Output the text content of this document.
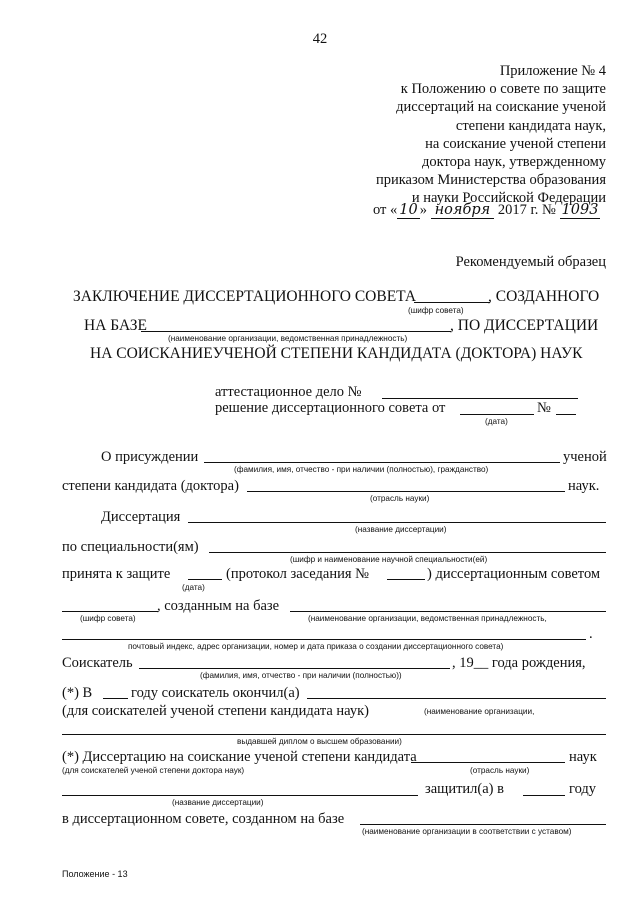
42
Приложение № 4
к Положению о совете по защите
диссертаций на соискание ученой
степени кандидата наук,
на соискание ученой степени
доктора наук, утвержденному
приказом Министерства образования
и науки Российской Федерации
от « 10 » ноября 2017 г. № 1093
Рекомендуемый образец
ЗАКЛЮЧЕНИЕ ДИССЕРТАЦИОННОГО СОВЕТА	, СОЗДАННОГО
(шифр совета)
НА БАЗЕ	, ПО ДИССЕРТАЦИИ
(наименование организации, ведомственная принадлежность)
НА СОИСКАНИЕУЧЕНОЙ СТЕПЕНИ КАНДИДАТА (ДОКТОРА) НАУК
аттестационное дело №
решение диссертационного совета от	№
(дата)
О присуждении	ученой
(фамилия, имя, отчество - при наличии (полностью), гражданство)
степени кандидата (доктора)	наук.
(отрасль науки)
Диссертация
(название диссертации)
по специальности(ям)
(шифр и наименование научной специальности(ей)
принята к защите	(протокол заседания №	) диссертационным советом
(дата)
, созданным на базе
(шифр совета)	(наименование организации, ведомственная принадлежность,
.
почтовый индекс, адрес организации, номер и дата приказа о создании диссертационного совета)
Соискатель	, 19__ года рождения,
(фамилия, имя, отчество - при наличии (полностью))
(*) В	году соискатель окончил(а)
(для соискателей ученой степени кандидата наук)	(наименование организации,
выдавшей диплом о высшем образовании)
(*) Диссертацию на соискание ученой степени кандидата	наук
(для соискателей ученой степени доктора наук)	(отрасль науки)
защитил(а) в	году
(название диссертации)
в диссертационном совете, созданном на базе
(наименование организации в соответствии с уставом)
Положение - 13
